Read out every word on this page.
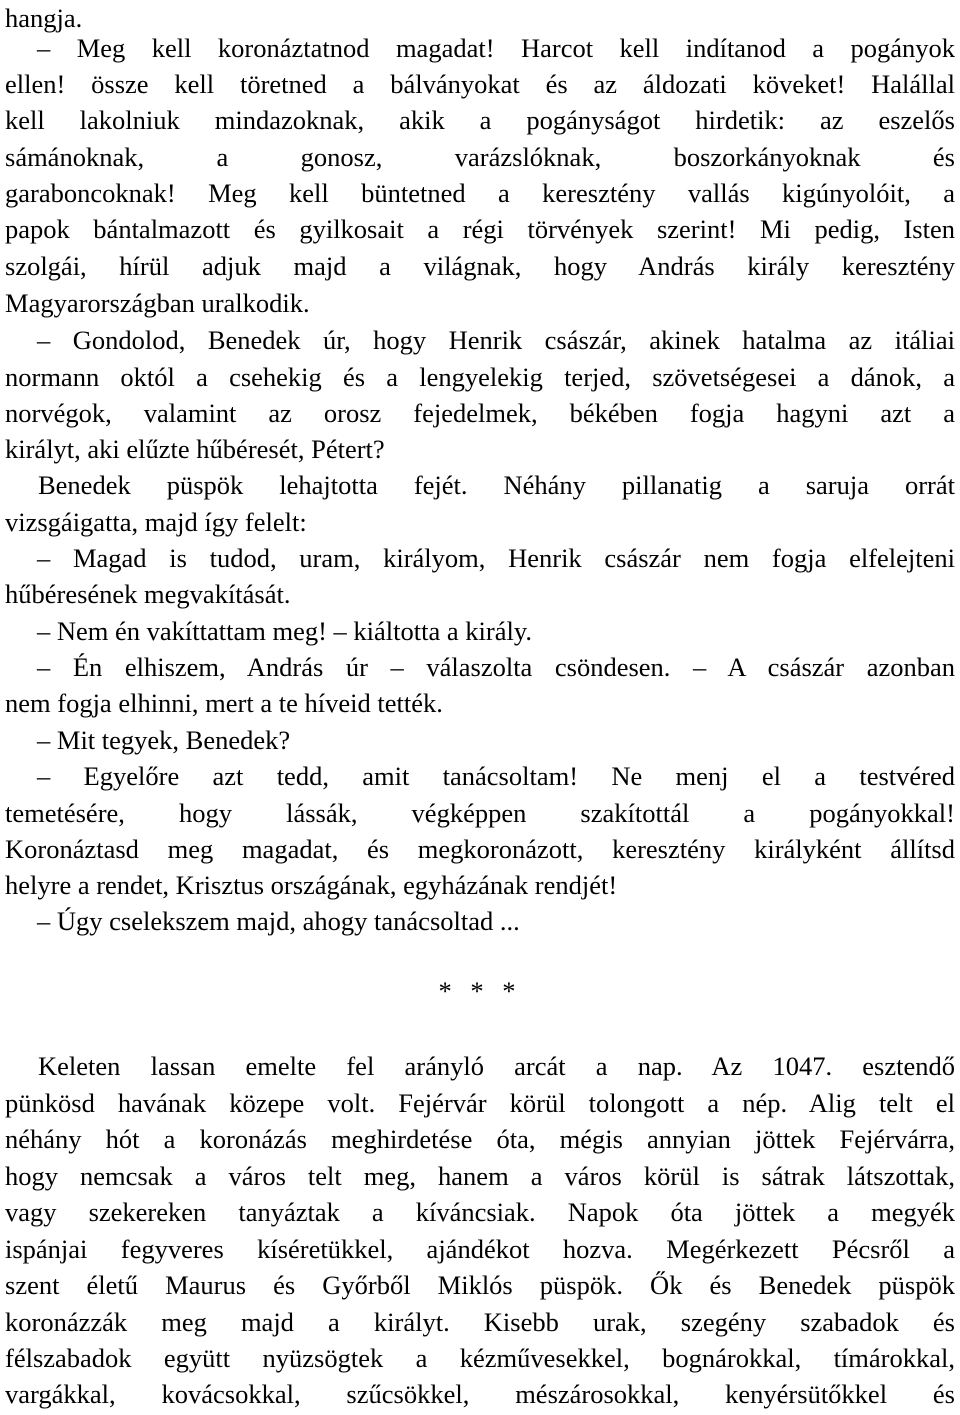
hangja.
– Meg kell koronáztatnod magadat! Harcot kell indítanod a pogányok
ellen! össze kell töretned a bálványokat és az áldozati köveket! Halállal
kell lakolniuk mindazoknak, akik a pogányságot hirdetik: az eszelős
sámánoknak, a gonosz, varázslóknak, boszorkányoknak és
garaboncoknak! Meg kell büntetned a keresztény vallás kigúnyolóit, a
papok bántalmazott és gyilkosait a régi törvények szerint! Mi pedig, Isten
szolgái, hírül adjuk majd a világnak, hogy András király keresztény
Magyarországban uralkodik.
– Gondolod, Benedek úr, hogy Henrik császár, akinek hatalma az itáliai
normann októl a csehekig és a lengyelekig terjed, szövetségesei a dánok, a
norvégok, valamint az orosz fejedelmek, békében fogja hagyni azt a
királyt, aki elűzte hűbéresét, Pétert?
Benedek püspök lehajtotta fejét. Néhány pillanatig a saruja orrát
vizsgáigatta, majd így felelt:
– Magad is tudod, uram, királyom, Henrik császár nem fogja elfelejteni
hűbéresének megvakítását.
– Nem én vakíttattam meg! – kiáltotta a király.
– Én elhiszem, András úr – válaszolta csöndesen. – A császár azonban
nem fogja elhinni, mert a te híveid tették.
– Mit tegyek, Benedek?
– Egyelőre azt tedd, amit tanácsoltam! Ne menj el a testvéred
temetésére, hogy lássák, végképpen szakítottál a pogányokkal!
Koronáztasd meg magadat, és megkoronázott, keresztény királyként állítsd
helyre a rendet, Krisztus országának, egyházának rendjét!
– Úgy cselekszem majd, ahogy tanácsoltad ...
* * *
Keleten lassan emelte fel arányló arcát a nap. Az 1047. esztendő
pünkösd havának közepe volt. Fejérvár körül tolongott a nép. Alig telt el
néhány hót a koronázás meghirdetése óta, mégis annyian jöttek Fejérvárra,
hogy nemcsak a város telt meg, hanem a város körül is sátrak látszottak,
vagy szekereken tanyáztak a kíváncsiak. Napok óta jöttek a megyék
ispánjai fegyveres kíséretükkel, ajándékot hozva. Megérkezett Pécsről a
szent életű Maurus és Győrből Miklós püspök. Ők és Benedek püspök
koronázzák meg majd a királyt. Kisebb urak, szegény szabadok és
félszabadok együtt nyüzsögtek a kézművesekkel, bognárokkal, tímárokkal,
vargákkal, kovácsokkal, szűcsökkel, mészárosokkal, kenyérsütőkkel és
